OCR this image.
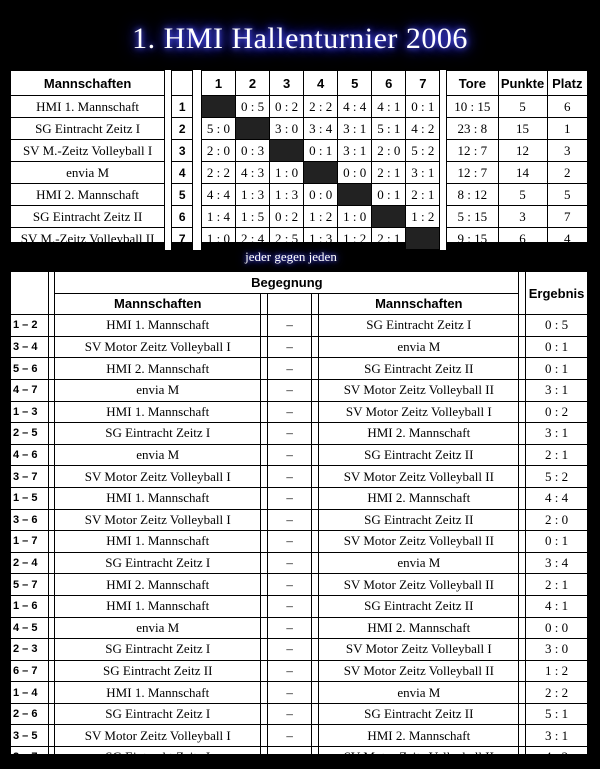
1. HMI Hallenturnier 2006
Mannschaften				1	2	3	4	5	6	7		Tore	Punkte	Platz
HMI 1. Mannschaft		1			0 : 5	0 : 2	2 : 2	4 : 4	4 : 1	0 : 1		10 : 15	5	6
SG Eintracht Zeitz I		2		5 : 0		3 : 0	3 : 4	3 : 1	5 : 1	4 : 2		23 : 8	15	1
SV M.-Zeitz Volleyball I		3		2 : 0	0 : 3		0 : 1	3 : 1	2 : 0	5 : 2		12 : 7	12	3
envia M		4		2 : 2	4 : 3	1 : 0		0 : 0	2 : 1	3 : 1		12 : 7	14	2
HMI 2. Mannschaft		5		4 : 4	1 : 3	1 : 3	0 : 0		0 : 1	2 : 1		8 : 12	5	5
SG Eintracht Zeitz II		6		1 : 4	1 : 5	0 : 2	1 : 2	1 : 0		1 : 2		5 : 15	3	7
SV M.-Zeitz Volleyball II		7		1 : 0	2 : 4	2 : 5	1 : 3	1 : 2	2 : 1			9 : 15	6	4
jeder gegen jeden
		Begegnung						Ergebnis
		Mannschaften				Mannschaften		
1 – 2		HMI 1. Mannschaft		–		SG Eintracht Zeitz I		0 : 5
3 – 4		SV Motor Zeitz Volleyball I		–		envia M		0 : 1
5 – 6		HMI 2. Mannschaft		–		SG Eintracht Zeitz II		0 : 1
4 – 7		envia M		–		SV Motor Zeitz Volleyball II		3 : 1
1 – 3		HMI 1. Mannschaft		–		SV Motor Zeitz Volleyball I		0 : 2
2 – 5		SG Eintracht Zeitz I		–		HMI 2. Mannschaft		3 : 1
4 – 6		envia M		–		SG Eintracht Zeitz II		2 : 1
3 – 7		SV Motor Zeitz Volleyball I		–		SV Motor Zeitz Volleyball II		5 : 2
1 – 5		HMI 1. Mannschaft		–		HMI 2. Mannschaft		4 : 4
3 – 6		SV Motor Zeitz Volleyball I		–		SG Eintracht Zeitz II		2 : 0
1 – 7		HMI 1. Mannschaft		–		SV Motor Zeitz Volleyball II		0 : 1
2 – 4		SG Eintracht Zeitz I		–		envia M		3 : 4
5 – 7		HMI 2. Mannschaft		–		SV Motor Zeitz Volleyball II		2 : 1
1 – 6		HMI 1. Mannschaft		–		SG Eintracht Zeitz II		4 : 1
4 – 5		envia M		–		HMI 2. Mannschaft		0 : 0
2 – 3		SG Eintracht Zeitz I		–		SV Motor Zeitz Volleyball I		3 : 0
6 – 7		SG Eintracht Zeitz II		–		SV Motor Zeitz Volleyball II		1 : 2
1 – 4		HMI 1. Mannschaft		–		envia M		2 : 2
2 – 6		SG Eintracht Zeitz I		–		SG Eintracht Zeitz II		5 : 1
3 – 5		SV Motor Zeitz Volleyball I		–		HMI 2. Mannschaft		3 : 1
2 – 7		SG Eintracht Zeitz I		–		SV Motor Zeitz Volleyball II		4 : 2
